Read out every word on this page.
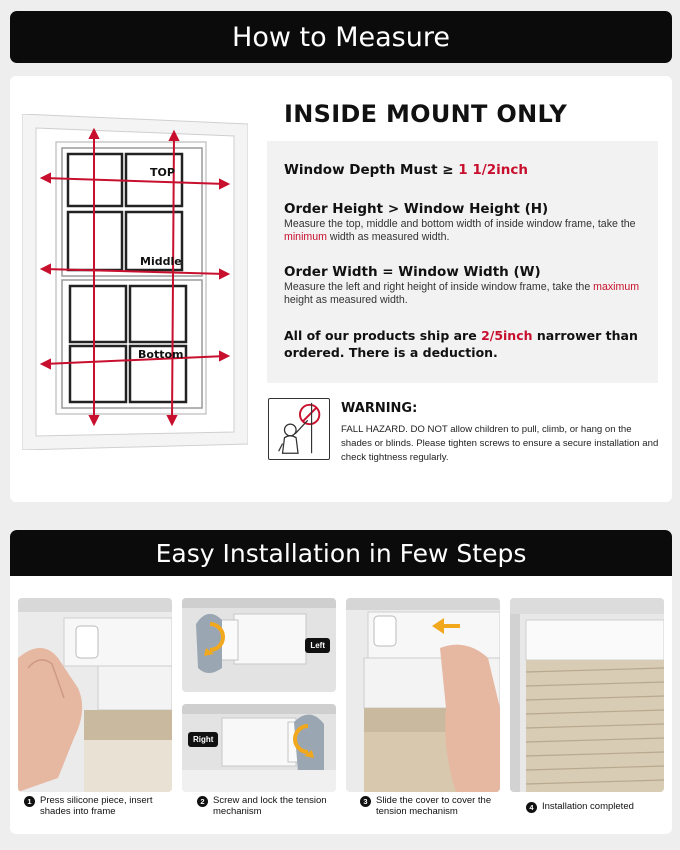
How to Measure
TOP
Middle
Bottom
INSIDE MOUNT ONLY
Window Depth Must ≥ 1 1/2inch
Order Height > Window Height (H)
Measure the top, middle and bottom width of inside window frame, take the minimum width as measured width.
Order Width = Window Width (W)
Measure the left and right height of inside window frame, take the maximum height as measured width.
All of our products ship are 2/5inch narrower than ordered. There is a deduction.
WARNING:
FALL HAZARD. DO NOT allow children to pull, climb, or hang on the shades or blinds. Please tighten screws to ensure a secure installation and check tightness regularly.
Easy Installation in Few Steps
Left
Right
1 Press silicone piece, insert shades into frame
2 Screw and lock the tension mechanism
3 Slide the cover to cover the tension mechanism	4 Installation completed
